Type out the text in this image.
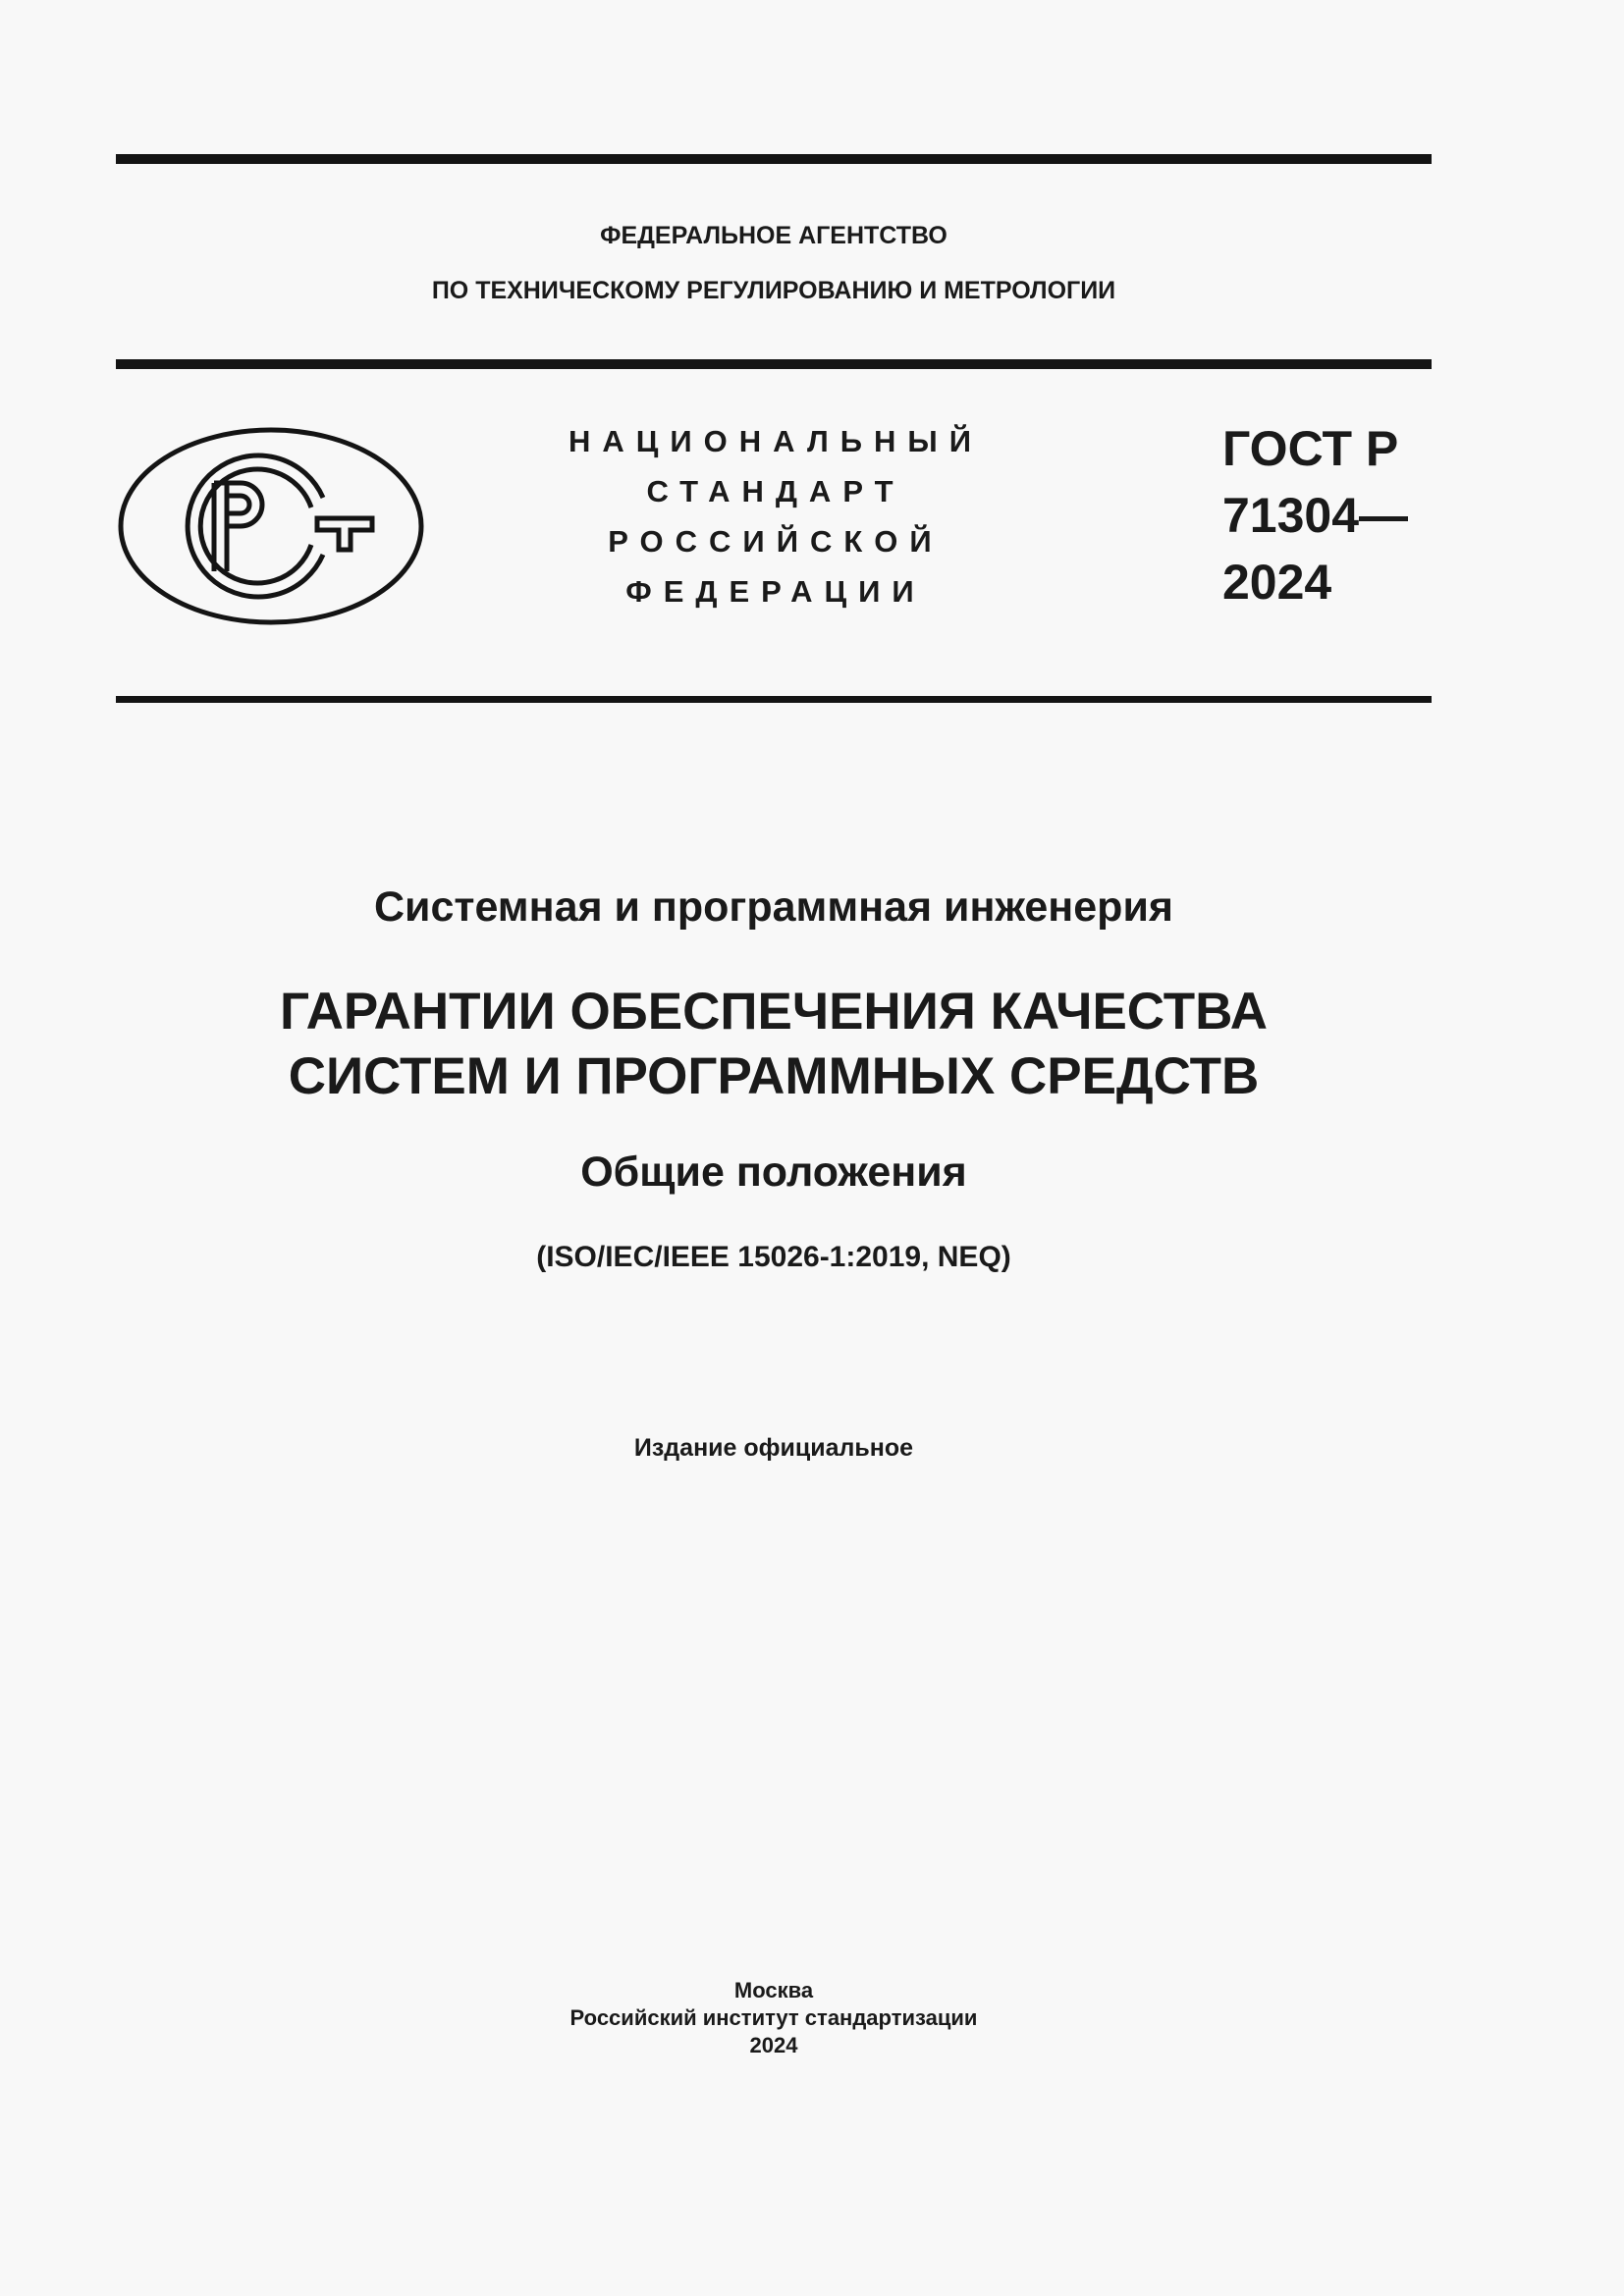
ФЕДЕРАЛЬНОЕ АГЕНТСТВО
ПО ТЕХНИЧЕСКОМУ РЕГУЛИРОВАНИЮ И МЕТРОЛОГИИ
НАЦИОНАЛЬНЫЙ
СТАНДАРТ
РОССИЙСКОЙ
ФЕДЕРАЦИИ
ГОСТ Р
71304—
2024
Системная и программная инженерия
ГАРАНТИИ ОБЕСПЕЧЕНИЯ КАЧЕСТВА
СИСТЕМ И ПРОГРАММНЫХ СРЕДСТВ
Общие положения
(ISO/IEC/IEEE 15026-1:2019, NEQ)
Издание официальное
Москва
Российский институт стандартизации
2024
